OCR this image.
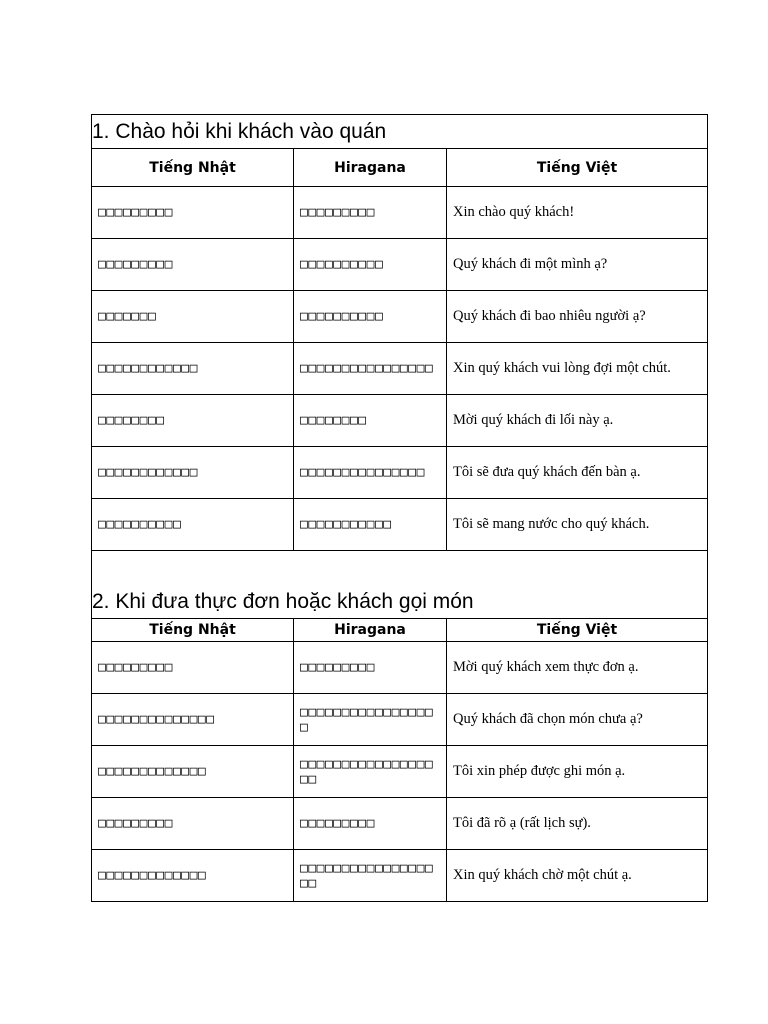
1. Chào hỏi khi khách vào quán		
Tiếng Nhật	Hiragana	Tiếng Việt
□□□□□□□□□	□□□□□□□□□	Xin chào quý khách!
□□□□□□□□□	□□□□□□□□□□	Quý khách đi một mình ạ?
□□□□□□□	□□□□□□□□□□	Quý khách đi bao nhiêu người ạ?
□□□□□□□□□□□□	□□□□□□□□□□□□□□□□	Xin quý khách vui lòng đợi một chút.
□□□□□□□□	□□□□□□□□	Mời quý khách đi lối này ạ.
□□□□□□□□□□□□	□□□□□□□□□□□□□□□	Tôi sẽ đưa quý khách đến bàn ạ.
□□□□□□□□□□	□□□□□□□□□□□	Tôi sẽ mang nước cho quý khách.
2. Khi đưa thực đơn hoặc khách gọi món		
Tiếng Nhật	Hiragana	Tiếng Việt
□□□□□□□□□	□□□□□□□□□	Mời quý khách xem thực đơn ạ.
□□□□□□□□□□□□□□	□□□□□□□□□□□□□□□□□	Quý khách đã chọn món chưa ạ?
□□□□□□□□□□□□□	□□□□□□□□□□□□□□□□□□	Tôi xin phép được ghi món ạ.
□□□□□□□□□	□□□□□□□□□	Tôi đã rõ ạ (rất lịch sự).
□□□□□□□□□□□□□	□□□□□□□□□□□□□□□□□□	Xin quý khách chờ một chút ạ.
